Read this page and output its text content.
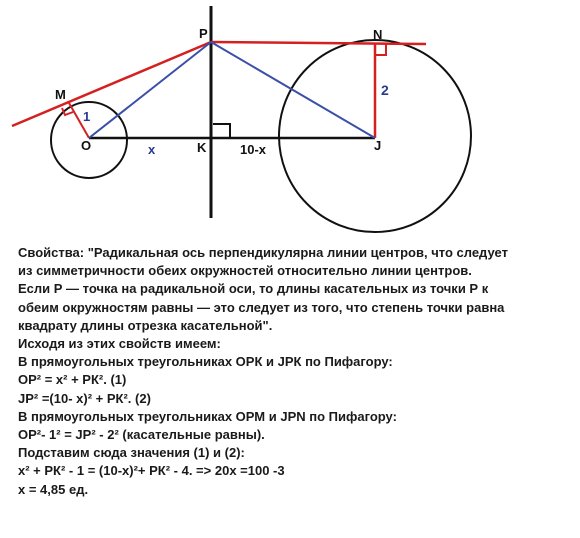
M
P	N
O	K	J
1
2
x	10-x
Свойства: "Радикальная ось перпендикулярна линии центров, что следует
из симметричности обеих окружностей относительно линии центров.
Если Р — точка на радикальной оси, то длины касательных из точки Р к
обеим окружностям равны — это следует из того, что степень точки равна
квадрату длины отрезка касательной".
Исходя из этих свойств имеем:
В прямоугольных треугольниках ОРК и JРК по Пифагору:
ОР² = х² + РК². (1)
JР² =(10- х)² + РК². (2)
В прямоугольных треугольниках ОРМ и JРN по Пифагору:
ОР²- 1² = JР² - 2² (касательные равны).
Подставим сюда значения (1) и (2):
х² + РК² - 1 = (10-х)²+ РК² - 4. => 20х =100 -3
х = 4,85 ед.
